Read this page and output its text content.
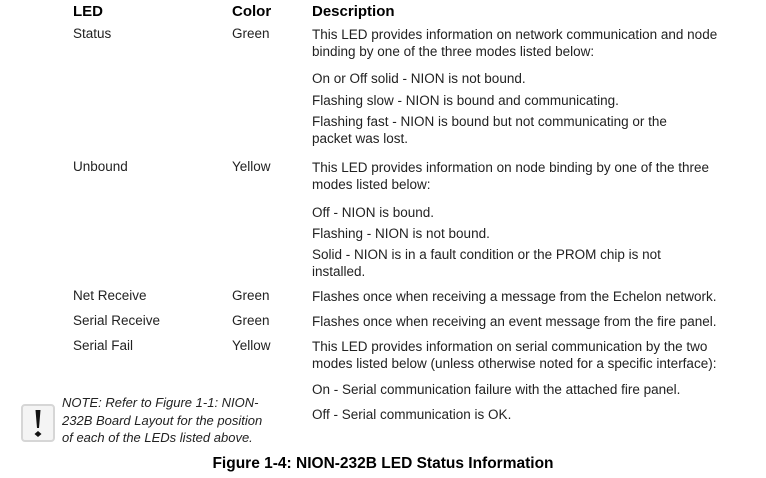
LED	Color	Description
Status	Green	This LED provides information on network communication and node
binding by one of the three modes listed below:
On or Off solid - NION is not bound.
Flashing slow - NION is bound and communicating.
Flashing fast - NION is bound but not communicating or the
packet was lost.
Unbound	Yellow	This LED provides information on node binding by one of the three
modes listed below:
Off - NION is bound.
Flashing - NION is not bound.
Solid - NION is in a fault condition or the PROM chip is not
installed.
Net Receive	Green	Flashes once when receiving a message from the Echelon network.
Serial Receive	Green	Flashes once when receiving an event message from the fire panel.
Serial Fail	Yellow	This LED provides information on serial communication by the two
modes listed below (unless otherwise noted for a specific interface):
On - Serial communication failure with the attached fire panel.
Off - Serial communication is OK.
NOTE: Refer to Figure 1-1: NION-
232B Board Layout for the position
of each of the LEDs listed above.
Figure 1-4: NION-232B LED Status Information
